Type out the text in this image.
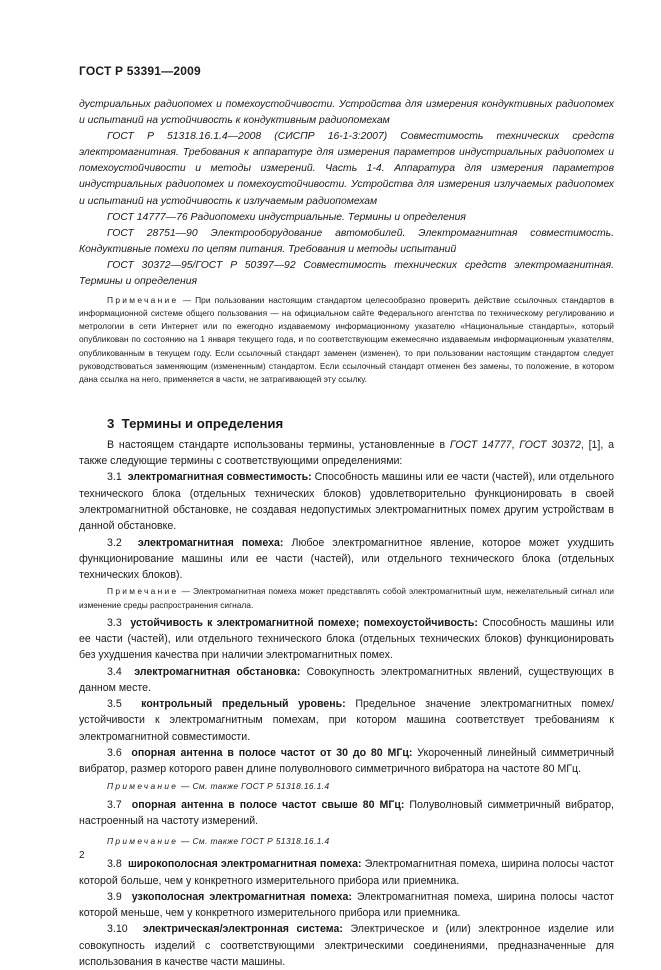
ГОСТ Р 53391—2009

дустриальных радиопомех и помехоустойчивости. Устройства для измерения кондуктивных радиопомех и испытаний на устойчивость к кондуктивным радиопомехам

ГОСТ Р 51318.16.1.4—2008 (СИСПР 16-1-3:2007) Совместимость технических средств электромагнитная. Требования к аппаратуре для измерения параметров индустриальных радиопомех и помехоустойчивости и методы измерений. Часть 1-4. Аппаратура для измерения параметров индустриальных радиопомех и помехоустойчивости. Устройства для измерения излучаемых радиопомех и испытаний на устойчивость к излучаемым радиопомехам

ГОСТ 14777—76 Радиопомехи индустриальные. Термины и определения

ГОСТ 28751—90 Электрооборудование автомобилей. Электромагнитная совместимость. Кондуктивные помехи по цепям питания. Требования и методы испытаний

ГОСТ 30372—95/ГОСТ Р 50397—92 Совместимость технических средств электромагнитная. Термины и определения

Примечание — При пользовании настоящим стандартом целесообразно проверить действие ссылочных стандартов в информационной системе общего пользования — на официальном сайте Федерального агентства по техническому регулированию и метрологии в сети Интернет или по ежегодно издаваемому информационному указателю «Национальные стандарты», который опубликован по состоянию на 1 января текущего года, и по соответствующим ежемесячно издаваемым информационным указателям, опубликованным в текущем году. Если ссылочный стандарт заменен (изменен), то при пользовании настоящим стандартом следует руководствоваться заменяющим (измененным) стандартом. Если ссылочный стандарт отменен без замены, то положение, в котором дана ссылка на него, применяется в части, не затрагивающей эту ссылку.

3 Термины и определения

В настоящем стандарте использованы термины, установленные в ГОСТ 14777, ГОСТ 30372, [1], а также следующие термины с соответствующими определениями:

3.1 электромагнитная совместимость: Способность машины или ее части (частей), или отдельного технического блока (отдельных технических блоков) удовлетворительно функционировать в своей электромагнитной обстановке, не создавая недопустимых электромагнитных помех другим устройствам в данной обстановке.

3.2 электромагнитная помеха: Любое электромагнитное явление, которое может ухудшить функционирование машины или ее части (частей), или отдельного технического блока (отдельных технических блоков).

Примечание — Электромагнитная помеха может представлять собой электромагнитный шум, нежелательный сигнал или изменение среды распространения сигнала.

3.3 устойчивость к электромагнитной помехе; помехоустойчивость: Способность машины или ее части (частей), или отдельного технического блока (отдельных технических блоков) функционировать без ухудшения качества при наличии электромагнитных помех.

3.4 электромагнитная обстановка: Совокупность электромагнитных явлений, существующих в данном месте.

3.5 контрольный предельный уровень: Предельное значение электромагнитных помех/устойчивости к электромагнитным помехам, при котором машина соответствует требованиям к электромагнитной совместимости.

3.6 опорная антенна в полосе частот от 30 до 80 МГц: Укороченный линейный симметричный вибратор, размер которого равен длине полуволнового симметричного вибратора на частоте 80 МГц.

Примечание — См. также ГОСТ Р 51318.16.1.4

3.7 опорная антенна в полосе частот свыше 80 МГц: Полуволновый симметричный вибратор, настроенный на частоту измерений.

Примечание — См. также ГОСТ Р 51318.16.1.4

3.8 широкополосная электромагнитная помеха: Электромагнитная помеха, ширина полосы частот которой больше, чем у конкретного измерительного прибора или приемника.

3.9 узкополосная электромагнитная помеха: Электромагнитная помеха, ширина полосы частот которой меньше, чем у конкретного измерительного прибора или приемника.

3.10 электрическая/электронная система: Электрическое и (или) электронное изделие или совокупность изделий с соответствующими электрическими соединениями, предназначенные для использования в качестве части машины.

2
